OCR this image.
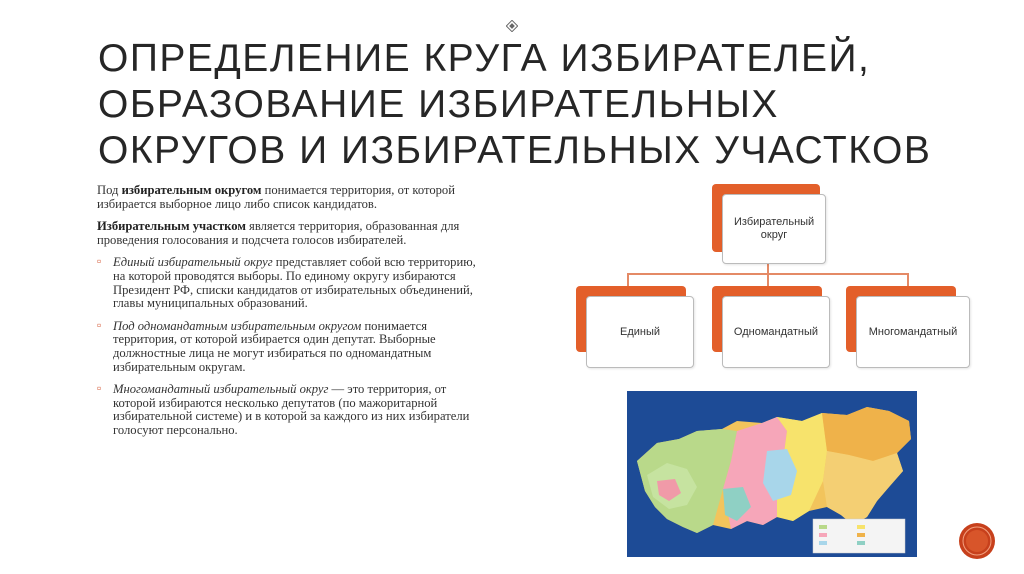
ОПРЕДЕЛЕНИЕ КРУГА ИЗБИРАТЕЛЕЙ, ОБРАЗОВАНИЕ ИЗБИРАТЕЛЬНЫХ ОКРУГОВ И ИЗБИРАТЕЛЬНЫХ УЧАСТКОВ

Под избирательным округом понимается территория, от которой избирается выборное лицо либо список кандидатов.

Избирательным участком является территория, образованная для проведения голосования и подсчета голосов избирателей.

▫ Единый избирательный округ представляет собой всю территорию, на которой проводятся выборы. По единому округу избираются Президент РФ, списки кандидатов от избирательных объединений, главы муниципальных образований.
▫ Под одномандатным избирательным округом понимается территория, от которой избирается один депутат. Выборные должностные лица не могут избираться по одномандатным избирательным округам.
▫ Многомандатный избирательный округ — это территория, от которой избираются несколько депутатов (по мажоритарной избирательной системе) и в которой за каждого из них избиратели голосуют персонально.
Избирательный округ
Единый	Одномандатный	Многомандатный
